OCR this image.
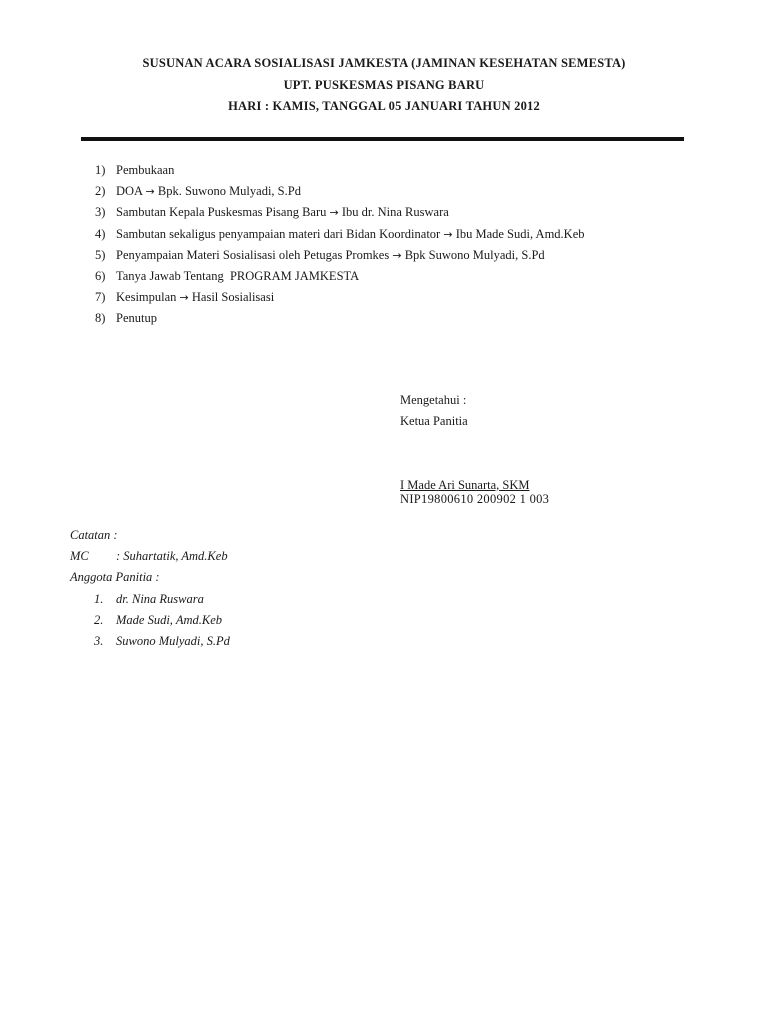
SUSUNAN ACARA SOSIALISASI JAMKESTA (JAMINAN KESEHATAN SEMESTA)
UPT. PUSKESMAS PISANG BARU
HARI : KAMIS, TANGGAL 05 JANUARI TAHUN 2012
1) Pembukaan
2) DOA → Bpk. Suwono Mulyadi, S.Pd
3) Sambutan Kepala Puskesmas Pisang Baru → Ibu dr. Nina Ruswara
4) Sambutan sekaligus penyampaian materi dari Bidan Koordinator → Ibu Made Sudi, Amd.Keb
5) Penyampaian Materi Sosialisasi oleh Petugas Promkes → Bpk Suwono Mulyadi, S.Pd
6) Tanya Jawab Tentang  PROGRAM JAMKESTA
7) Kesimpulan → Hasil Sosialisasi
8) Penutup
Mengetahui :
Ketua Panitia
I Made Ari Sunarta, SKM
NIP19800610 200902 1 003
Catatan :
MC : Suhartatik, Amd.Keb
Anggota Panitia :
1. dr. Nina Ruswara
2. Made Sudi, Amd.Keb
3. Suwono Mulyadi, S.Pd
